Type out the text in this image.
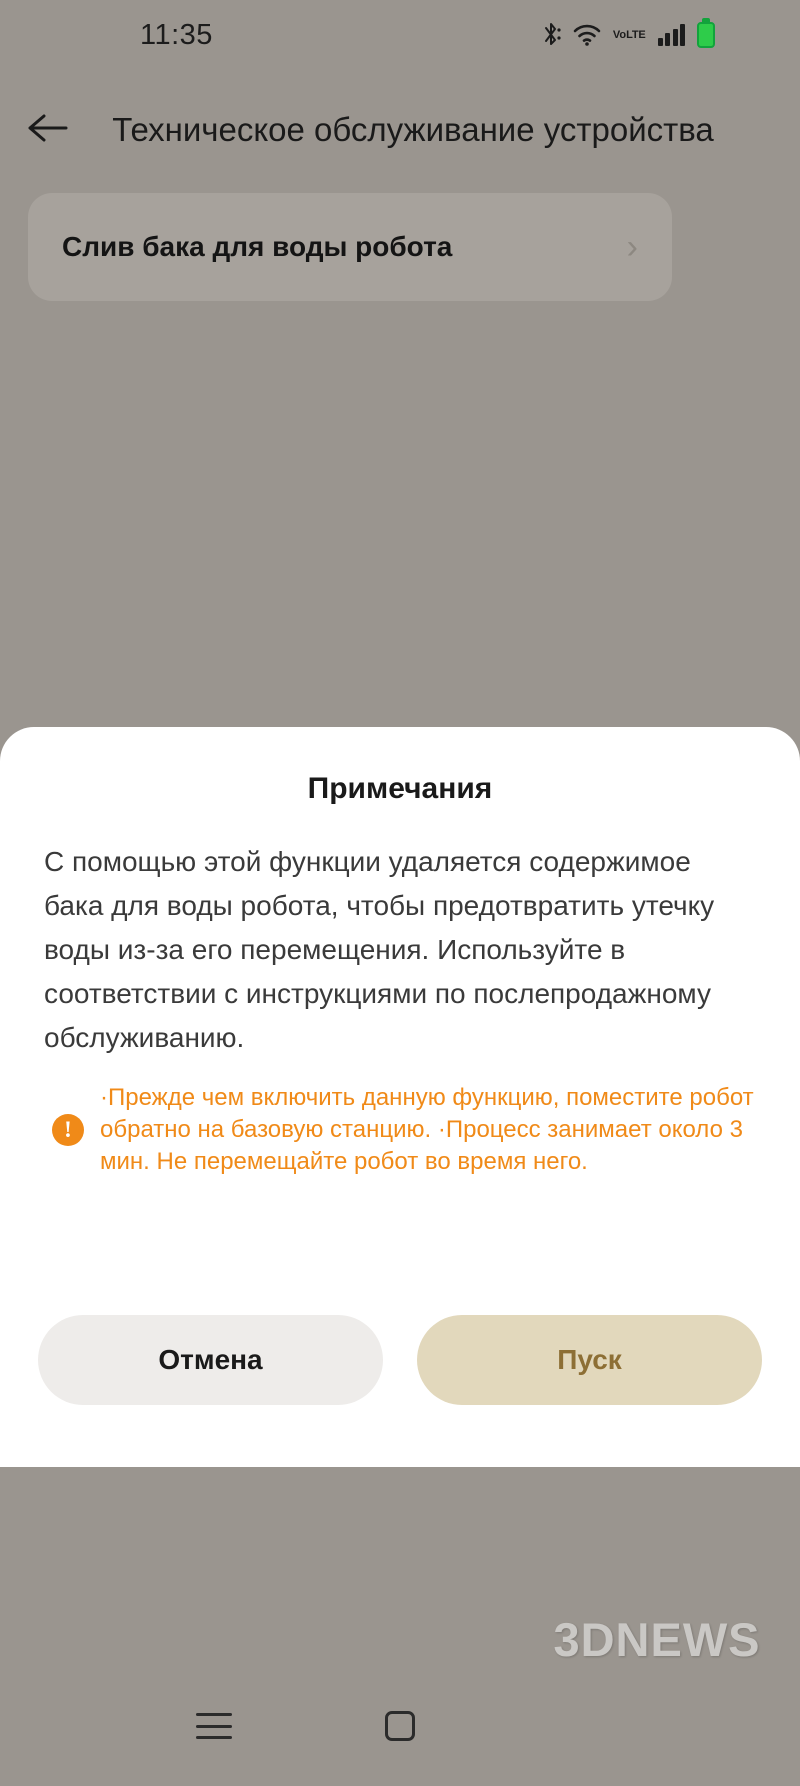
11:35	Vo LTE
Техническое обслуживание устройства
Слив бака для воды робота	›
Примечания
С помощью этой функции удаляется содержимое бака для воды робота, чтобы предотвратить утечку воды из-за его перемещения. Используйте в соответствии с инструкциями по послепродажному обслуживанию.
!
·Прежде чем включить данную функцию, поместите робот обратно на базовую станцию. ·Процесс занимает около 3 мин. Не перемещайте робот во время него.
Отмена	Пуск
3DNEWS
